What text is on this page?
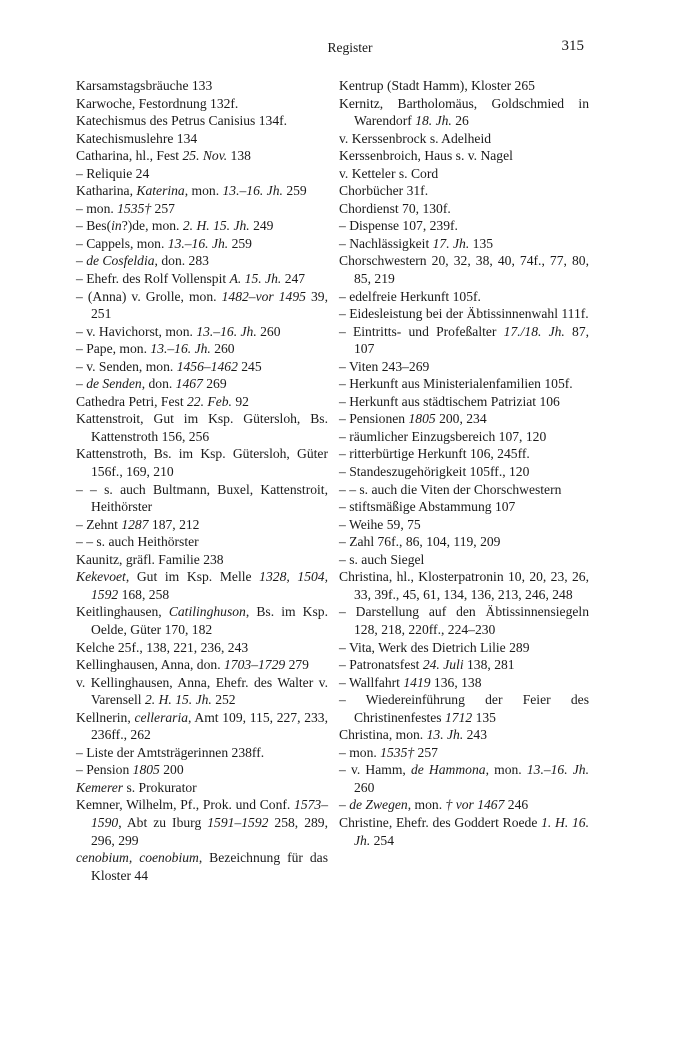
Register	315
Karsamstagsbräuche 133
Karwoche, Festordnung 132f.
Katechismus des Petrus Canisius 134f.
Katechismuslehre 134
Catharina, hl., Fest 25. Nov. 138
– Reliquie 24
Katharina, Katerina, mon. 13.–16. Jh. 259
– mon. 1535† 257
– Bes(in?)de, mon. 2. H. 15. Jh. 249
– Cappels, mon. 13.–16. Jh. 259
– de Cosfeldia, don. 283
– Ehefr. des Rolf Vollenspit A. 15. Jh. 247
– (Anna) v. Grolle, mon. 1482–vor 1495 39, 251
– v. Havichorst, mon. 13.–16. Jh. 260
– Pape, mon. 13.–16. Jh. 260
– v. Senden, mon. 1456–1462 245
– de Senden, don. 1467 269
Cathedra Petri, Fest 22. Feb. 92
Kattenstroit, Gut im Ksp. Gütersloh, Bs. Kattenstroth 156, 256
Kattenstroth, Bs. im Ksp. Gütersloh, Güter 156f., 169, 210
– – s. auch Bultmann, Buxel, Kattenstroit, Heithörster
– Zehnt 1287 187, 212
– – s. auch Heithörster
Kaunitz, gräfl. Familie 238
Kekevoet, Gut im Ksp. Melle 1328, 1504, 1592 168, 258
Keitlinghausen, Catilinghuson, Bs. im Ksp. Oelde, Güter 170, 182
Kelche 25f., 138, 221, 236, 243
Kellinghausen, Anna, don. 1703–1729 279
v. Kellinghausen, Anna, Ehefr. des Walter v. Varensell 2. H. 15. Jh. 252
Kellnerin, celleraria, Amt 109, 115, 227, 233, 236ff., 262
– Liste der Amtsträgerinnen 238ff.
– Pension 1805 200
Kemerer s. Prokurator
Kemner, Wilhelm, Pf., Prok. und Conf. 1573–1590, Abt zu Iburg 1591–1592 258, 289, 296, 299
cenobium, coenobium, Bezeichnung für das Kloster 44
Kentrup (Stadt Hamm), Kloster 265
Kernitz, Bartholomäus, Goldschmied in Warendorf 18. Jh. 26
v. Kerssenbrock s. Adelheid
Kerssenbroich, Haus s. v. Nagel
v. Ketteler s. Cord
Chorbücher 31f.
Chordienst 70, 130f.
– Dispense 107, 239f.
– Nachlässigkeit 17. Jh. 135
Chorschwestern 20, 32, 38, 40, 74f., 77, 80, 85, 219
– edelfreie Herkunft 105f.
– Eidesleistung bei der Äbtissinnenwahl 111f.
– Eintritts- und Profeßalter 17./18. Jh. 87, 107
– Viten 243–269
– Herkunft aus Ministerialenfamilien 105f.
– Herkunft aus städtischem Patriziat 106
– Pensionen 1805 200, 234
– räumlicher Einzugsbereich 107, 120
– ritterbürtige Herkunft 106, 245ff.
– Standeszugehörigkeit 105ff., 120
– – s. auch die Viten der Chorschwestern
– stiftsmäßige Abstammung 107
– Weihe 59, 75
– Zahl 76f., 86, 104, 119, 209
– s. auch Siegel
Christina, hl., Klosterpatronin 10, 20, 23, 26, 33, 39f., 45, 61, 134, 136, 213, 246, 248
– Darstellung auf den Äbtissinnensiegeln 128, 218, 220ff., 224–230
– Vita, Werk des Dietrich Lilie 289
– Patronatsfest 24. Juli 138, 281
– Wallfahrt 1419 136, 138
– Wiedereinführung der Feier des Christinenfestes 1712 135
Christina, mon. 13. Jh. 243
– mon. 1535† 257
– v. Hamm, de Hammona, mon. 13.–16. Jh. 260
– de Zwegen, mon. † vor 1467 246
Christine, Ehefr. des Goddert Roede 1. H. 16. Jh. 254
